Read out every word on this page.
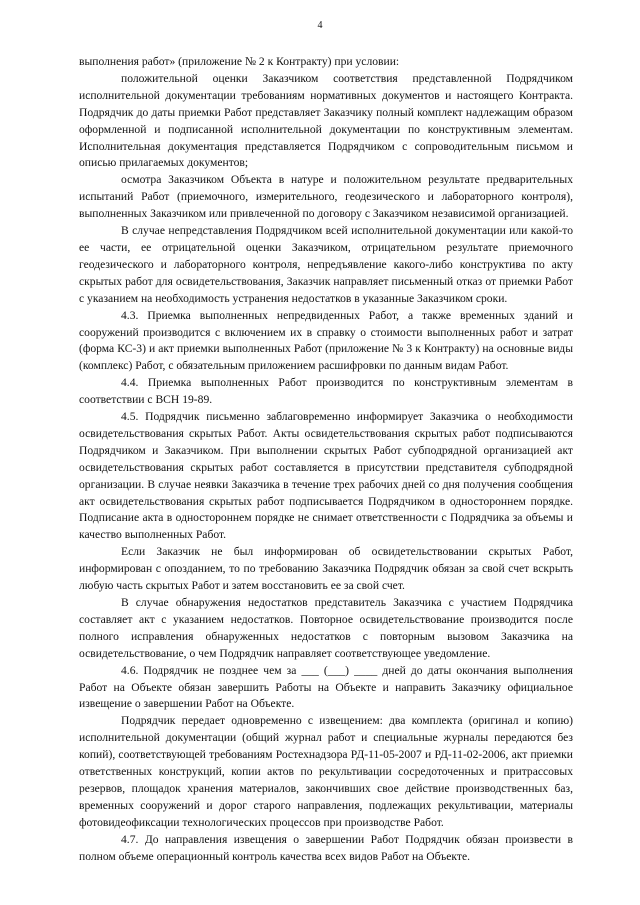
4

выполнения работ» (приложение № 2 к Контракту) при условии:

положительной оценки Заказчиком соответствия представленной Подрядчиком исполнительной документации требованиям нормативных документов и настоящего Контракта. Подрядчик до даты приемки Работ представляет Заказчику полный комплект надлежащим образом оформленной и подписанной исполнительной документации по конструктивным элементам. Исполнительная документация представляется Подрядчиком с сопроводительным письмом и описью прилагаемых документов;

осмотра Заказчиком Объекта в натуре и положительном результате предварительных испытаний Работ (приемочного, измерительного, геодезического и лабораторного контроля), выполненных Заказчиком или привлеченной по договору с Заказчиком независимой организацией.

В случае непредставления Подрядчиком всей исполнительной документации или какой-то ее части, ее отрицательной оценки Заказчиком, отрицательном результате приемочного геодезического и лабораторного контроля, непредъявление какого-либо конструктива по акту скрытых работ для освидетельствования, Заказчик направляет письменный отказ от приемки Работ с указанием на необходимость устранения недостатков в указанные Заказчиком сроки.

4.3. Приемка выполненных непредвиденных Работ, а также временных зданий и сооружений производится с включением их в справку о стоимости выполненных работ и затрат (форма КС-3) и акт приемки выполненных Работ (приложение № 3 к Контракту) на основные виды (комплекс) Работ, с обязательным приложением расшифровки по данным видам Работ.

4.4. Приемка выполненных Работ производится по конструктивным элементам в соответствии с ВСН 19-89.

4.5. Подрядчик письменно заблаговременно информирует Заказчика о необходимости освидетельствования скрытых Работ. Акты освидетельствования скрытых работ подписываются Подрядчиком и Заказчиком. При выполнении скрытых Работ субподрядной организацией акт освидетельствования скрытых работ составляется в присутствии представителя субподрядной организации. В случае неявки Заказчика в течение трех рабочих дней со дня получения сообщения акт освидетельствования скрытых работ подписывается Подрядчиком в одностороннем порядке. Подписание акта в одностороннем порядке не снимает ответственности с Подрядчика за объемы и качество выполненных Работ.

Если Заказчик не был информирован об освидетельствовании скрытых Работ, информирован с опозданием, то по требованию Заказчика Подрядчик обязан за свой счет вскрыть любую часть скрытых Работ и затем восстановить ее за свой счет.

В случае обнаружения недостатков представитель Заказчика с участием Подрядчика составляет акт с указанием недостатков. Повторное освидетельствование производится после полного исправления обнаруженных недостатков с повторным вызовом Заказчика на освидетельствование, о чем Подрядчик направляет соответствующее уведомление.

4.6. Подрядчик не позднее чем за ___ (___) ____ дней до даты окончания выполнения Работ на Объекте обязан завершить Работы на Объекте и направить Заказчику официальное извещение о завершении Работ на Объекте.

Подрядчик передает одновременно с извещением: два комплекта (оригинал и копию) исполнительной документации (общий журнал работ и специальные журналы передаются без копий), соответствующей требованиям Ростехнадзора РД-11-05-2007 и РД-11-02-2006, акт приемки ответственных конструкций, копии актов по рекультивации сосредоточенных и притрассовых резервов, площадок хранения материалов, закончивших свое действие производственных баз, временных сооружений и дорог старого направления, подлежащих рекультивации, материалы фотовидеофиксации технологических процессов при производстве Работ.

4.7. До направления извещения о завершении Работ Подрядчик обязан произвести в полном объеме операционный контроль качества всех видов Работ на Объекте.
